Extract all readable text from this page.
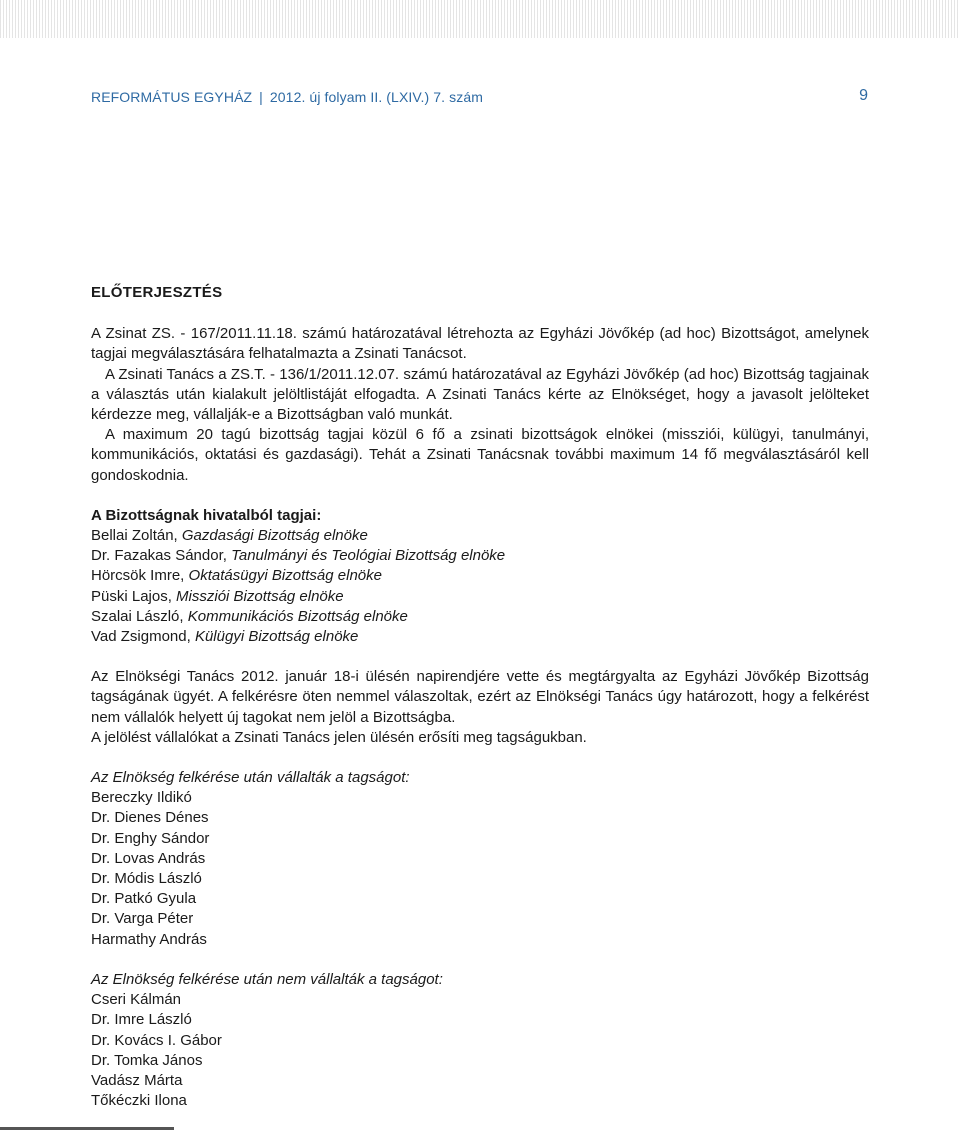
REFORMÁTUS EGYHÁZ | 2012. új folyam II. (LXIV.) 7. szám	9
ELŐTERJESZTÉS

A Zsinat ZS. - 167/2011.11.18. számú határozatával létrehozta az Egyházi Jövőkép (ad hoc) Bizottságot, amelynek tagjai megválasztására felhatalmazta a Zsinati Tanácsot.

A Zsinati Tanács a ZS.T. - 136/1/2011.12.07. számú határozatával az Egyházi Jövőkép (ad hoc) Bizottság tagjainak a választás után kialakult jelöltlistáját elfogadta. A Zsinati Tanács kérte az Elnökséget, hogy a javasolt jelölteket kérdezze meg, vállalják-e a Bizottságban való munkát.

A maximum 20 tagú bizottság tagjai közül 6 fő a zsinati bizottságok elnökei (missziói, külügyi, tanulmányi, kommunikációs, oktatási és gazdasági). Tehát a Zsinati Tanácsnak további maximum 14 fő megválasztásáról kell gondoskodnia.

A Bizottságnak hivatalból tagjai:
Bellai Zoltán, Gazdasági Bizottság elnöke
Dr. Fazakas Sándor, Tanulmányi és Teológiai Bizottság elnöke
Hörcsök Imre, Oktatásügyi Bizottság elnöke
Püski Lajos, Missziói Bizottság elnöke
Szalai László, Kommunikációs Bizottság elnöke
Vad Zsigmond, Külügyi Bizottság elnöke

Az Elnökségi Tanács 2012. január 18-i ülésén napirendjére vette és megtárgyalta az Egyházi Jövőkép Bizottság tagságának ügyét. A felkérésre öten nemmel válaszoltak, ezért az Elnökségi Tanács úgy határozott, hogy a felkérést nem vállalók helyett új tagokat nem jelöl a Bizottságba.

A jelölést vállalókat a Zsinati Tanács jelen ülésén erősíti meg tagságukban.

Az Elnökség felkérése után vállalták a tagságot:
Bereczky Ildikó
Dr. Dienes Dénes
Dr. Enghy Sándor
Dr. Lovas András
Dr. Módis László
Dr. Patkó Gyula
Dr. Varga Péter
Harmathy András
Az Elnökség felkérése után nem vállalták a tagságot:
Cseri Kálmán
Dr. Imre László
Dr. Kovács I. Gábor
Dr. Tomka János
Vadász Márta
Tőkéczki Ilona
